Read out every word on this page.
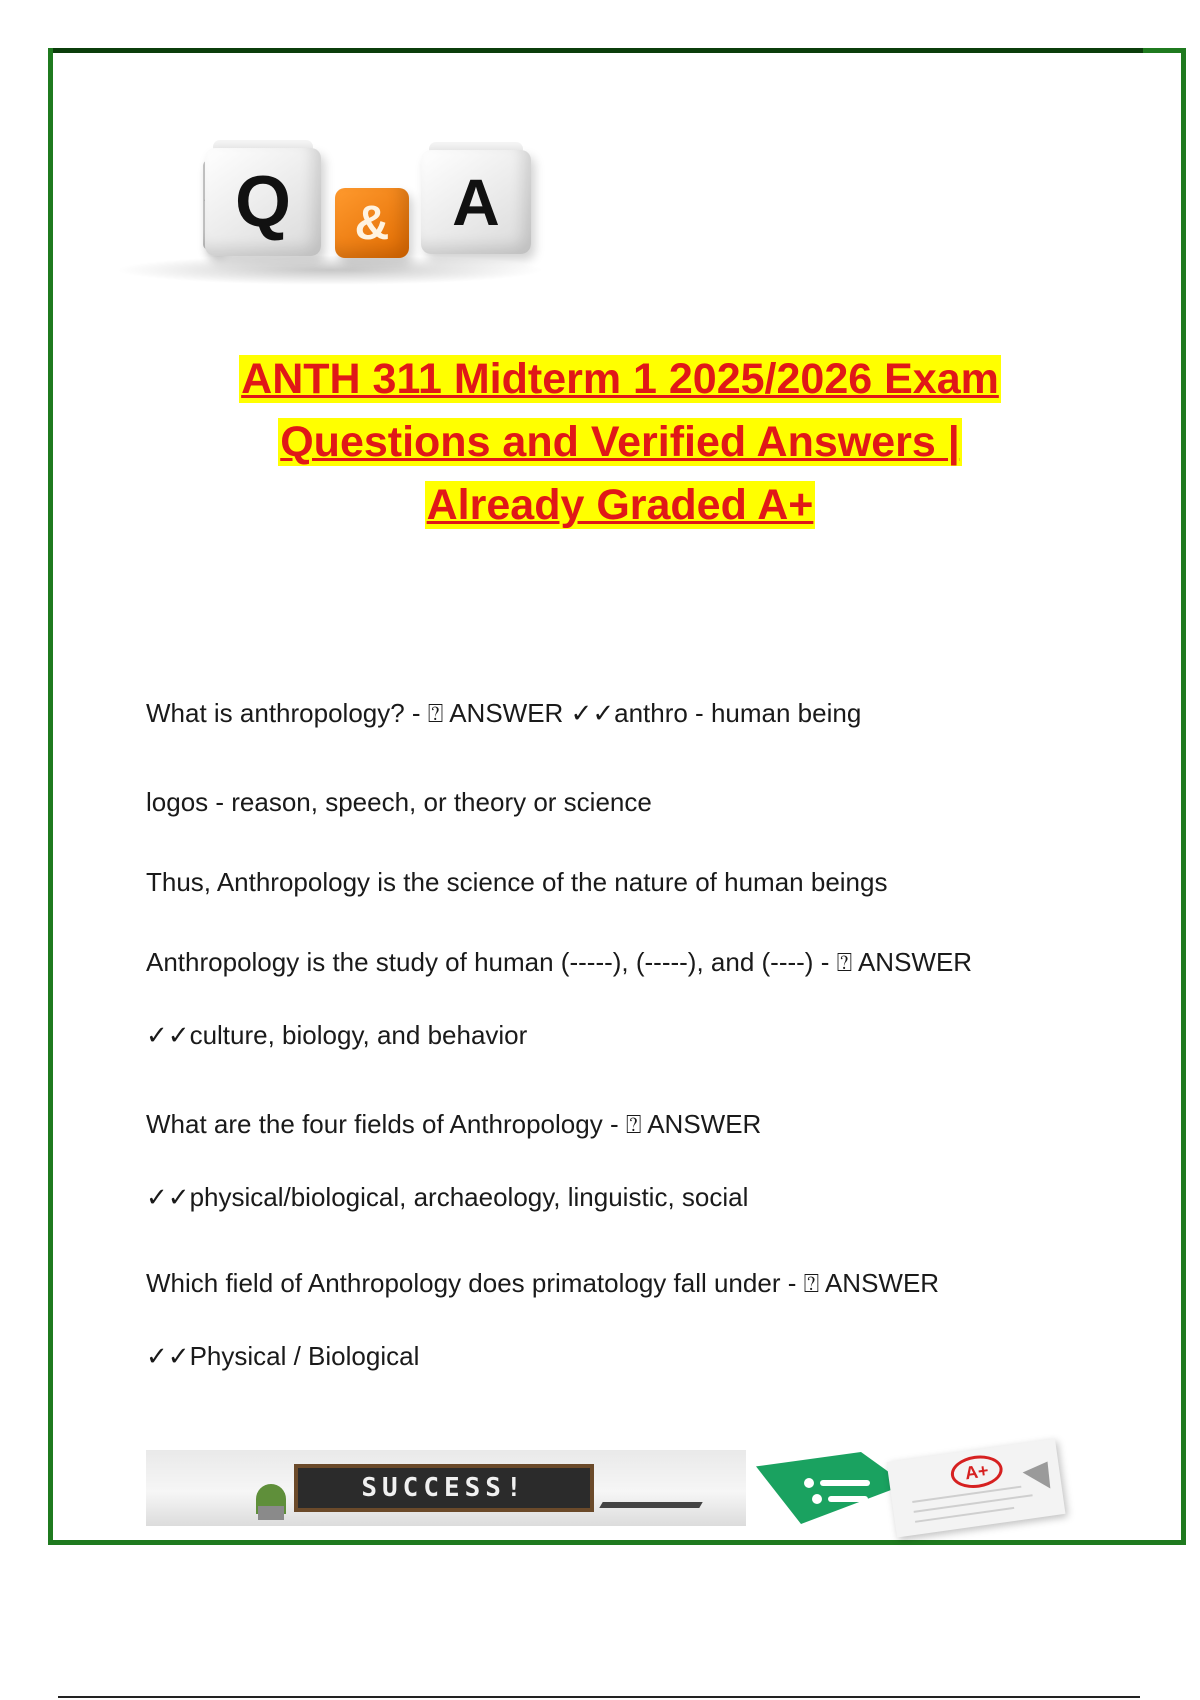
Q	& A
ANTH 311 Midterm 1 2025/2026 Exam
Questions and Verified Answers |
Already Graded A+
What is anthropology? - ⍰ ANSWER ✓✓anthro - human being
logos - reason, speech, or theory or science
Thus, Anthropology is the science of the nature of human beings
Anthropology is the study of human (-----), (-----), and (----) - ⍰ ANSWER
✓✓culture, biology, and behavior
What are the four fields of Anthropology - ⍰ ANSWER
✓✓physical/biological, archaeology, linguistic, social
Which field of Anthropology does primatology fall under - ⍰ ANSWER
✓✓Physical / Biological
SUCCESS!
A+
